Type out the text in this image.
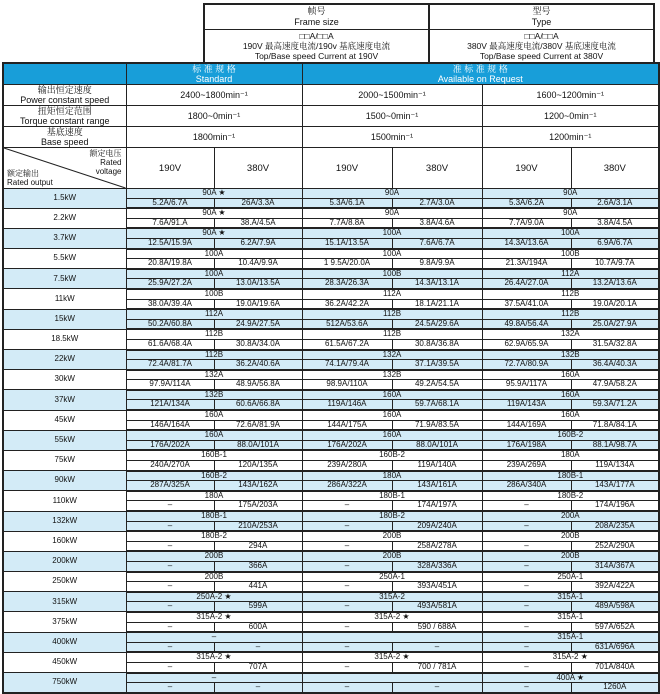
帧号
Frame size
□□A/□□A
190V 最高速度电流/190v 基底速度电流
Top/Base speed Current at 190V
型号
Type
□□A/□□A
380V 最高速度电流/380V 基底速度电流
Top/Base speed Current at 380V

	标 准 规 格
Standard		准 标 准 规 格
Available on Request			

输出恒定速度
Power constant speed	2400~1800min⁻¹		2000~1500min⁻¹		1600~1200min⁻¹	

扭矩恒定范围
Torque constant range	1800~0min⁻¹		1500~0min⁻¹		1200~0min⁻¹	

基底速度
Base speed	1800min⁻¹		1500min⁻¹		1200min⁻¹	

额定电压
Rated
voltage
额定输出
Rated output	190V	380V	190V	380V	190V	380V
1.5kW	90A ★		90A		90A	
	5.2A/6.7A	26A/3.3A	5.3A/6.1A	2.7A/3.0A	5.3A/6.2A	2.6A/3.1A
2.2kW	90A ★		90A		90A	
	7.6A/91.A	38.A/4.5A	7.7A/8.8A	3.8A/4.6A	7.7A/9.0A	3.8A/4.5A
3.7kW	90A ★		100A		100A	
	12.5A/15.9A	6.2A/7.9A	15.1A/13.5A	7.6A/6.7A	14.3A/13.6A	6.9A/6.7A
5.5kW	100A		100A		100B	
	20.8A/19.8A	10.4A/9.9A	1 9.5A/20.0A	9.8A/9.9A	21.3A/194A	10.7A/9.7A
7.5kW	100A		100B		112A	
	25.9A/27.2A	13.0A/13.5A	28.3A/26.3A	14.3A/13.1A	26.4A/27.0A	13.2A/13.6A
11kW	100B		112A		112B	
	38.0A/39.4A	19.0A/19.6A	36.2A/42.2A	18.1A/21.1A	37.5A/41.0A	19.0A/20.1A
15kW	112A		112B		112B	
	50.2A/60.8A	24.9A/27.5A	512A/53.6A	24.5A/29.6A	49.8A/56.4A	25.0A/27.9A
18.5kW	112B		112B		132A	
	61.6A/68.4A	30.8A/34.0A	61.5A/67.2A	30.8A/36.8A	62.9A/65.9A	31.5A/32.8A
22kW	112B		132A		132B	
	72.4A/81.7A	36.2A/40.6A	74.1A/79.4A	37.1A/39.5A	72.7A/80.9A	36.4A/40.3A
30kW	132A		132B		160A	
	97.9A/114A	48.9A/56.8A	98.9A/110A	49.2A/54.5A	95.9A/117A	47.9A/58.2A
37kW	132B		160A		160A	
	121A/134A	60.6A/66.8A	119A/146A	59.7A/68.1A	119A/143A	59.3A/71.2A
45kW	160A		160A		160A	
	146A/164A	72.6A/81.9A	144A/175A	71.9A/83.5A	144A/169A	71.8A/84.1A
55kW	160A		160A		160B-2	
	176A/202A	88.0A/101A	176A/202A	88.0A/101A	176A/198A	88.1A/98.7A
75kW	160B-1		160B-2		180A	
	240A/270A	120A/135A	239A/280A	119A/140A	239A/269A	119A/134A
90kW	160B-2		180A		180B-1	
	287A/325A	143A/162A	286A/322A	143A/161A	286A/340A	143A/177A
110kW	180A		180B-1		180B-2	
	–	175A/203A	–	174A/197A	–	174A/196A
132kW	180B-1		180B-2		200A	
	–	210A/253A	–	209A/240A	–	208A/235A
160kW	180B-2		200B		200B	
	–	294A	–	258A/278A	–	252A/290A
200kW	200B		200B		200B	
	–	366A	–	328A/336A	–	314A/367A
250kW	200B		250A-1		250A-1	
	–	441A	–	393A/451A	–	392A/422A
315kW	250A-2 ★		315A-2		315A-1	
	–	599A	–	493A/581A	–	489A/598A
375kW	315A-2 ★		315A-2 ★		315A-1	
	–	600A	–	590 / 688A	–	597A/652A
400kW	–				315A-1	
	–	–	–	–	–	631A/696A
450kW	315A-2 ★		315A-2 ★		315A-2 ★	
	–	707A	–	700 / 781A	–	701A/840A
750kW	–				400A ★	
	–	–	–	–	–	1260A
